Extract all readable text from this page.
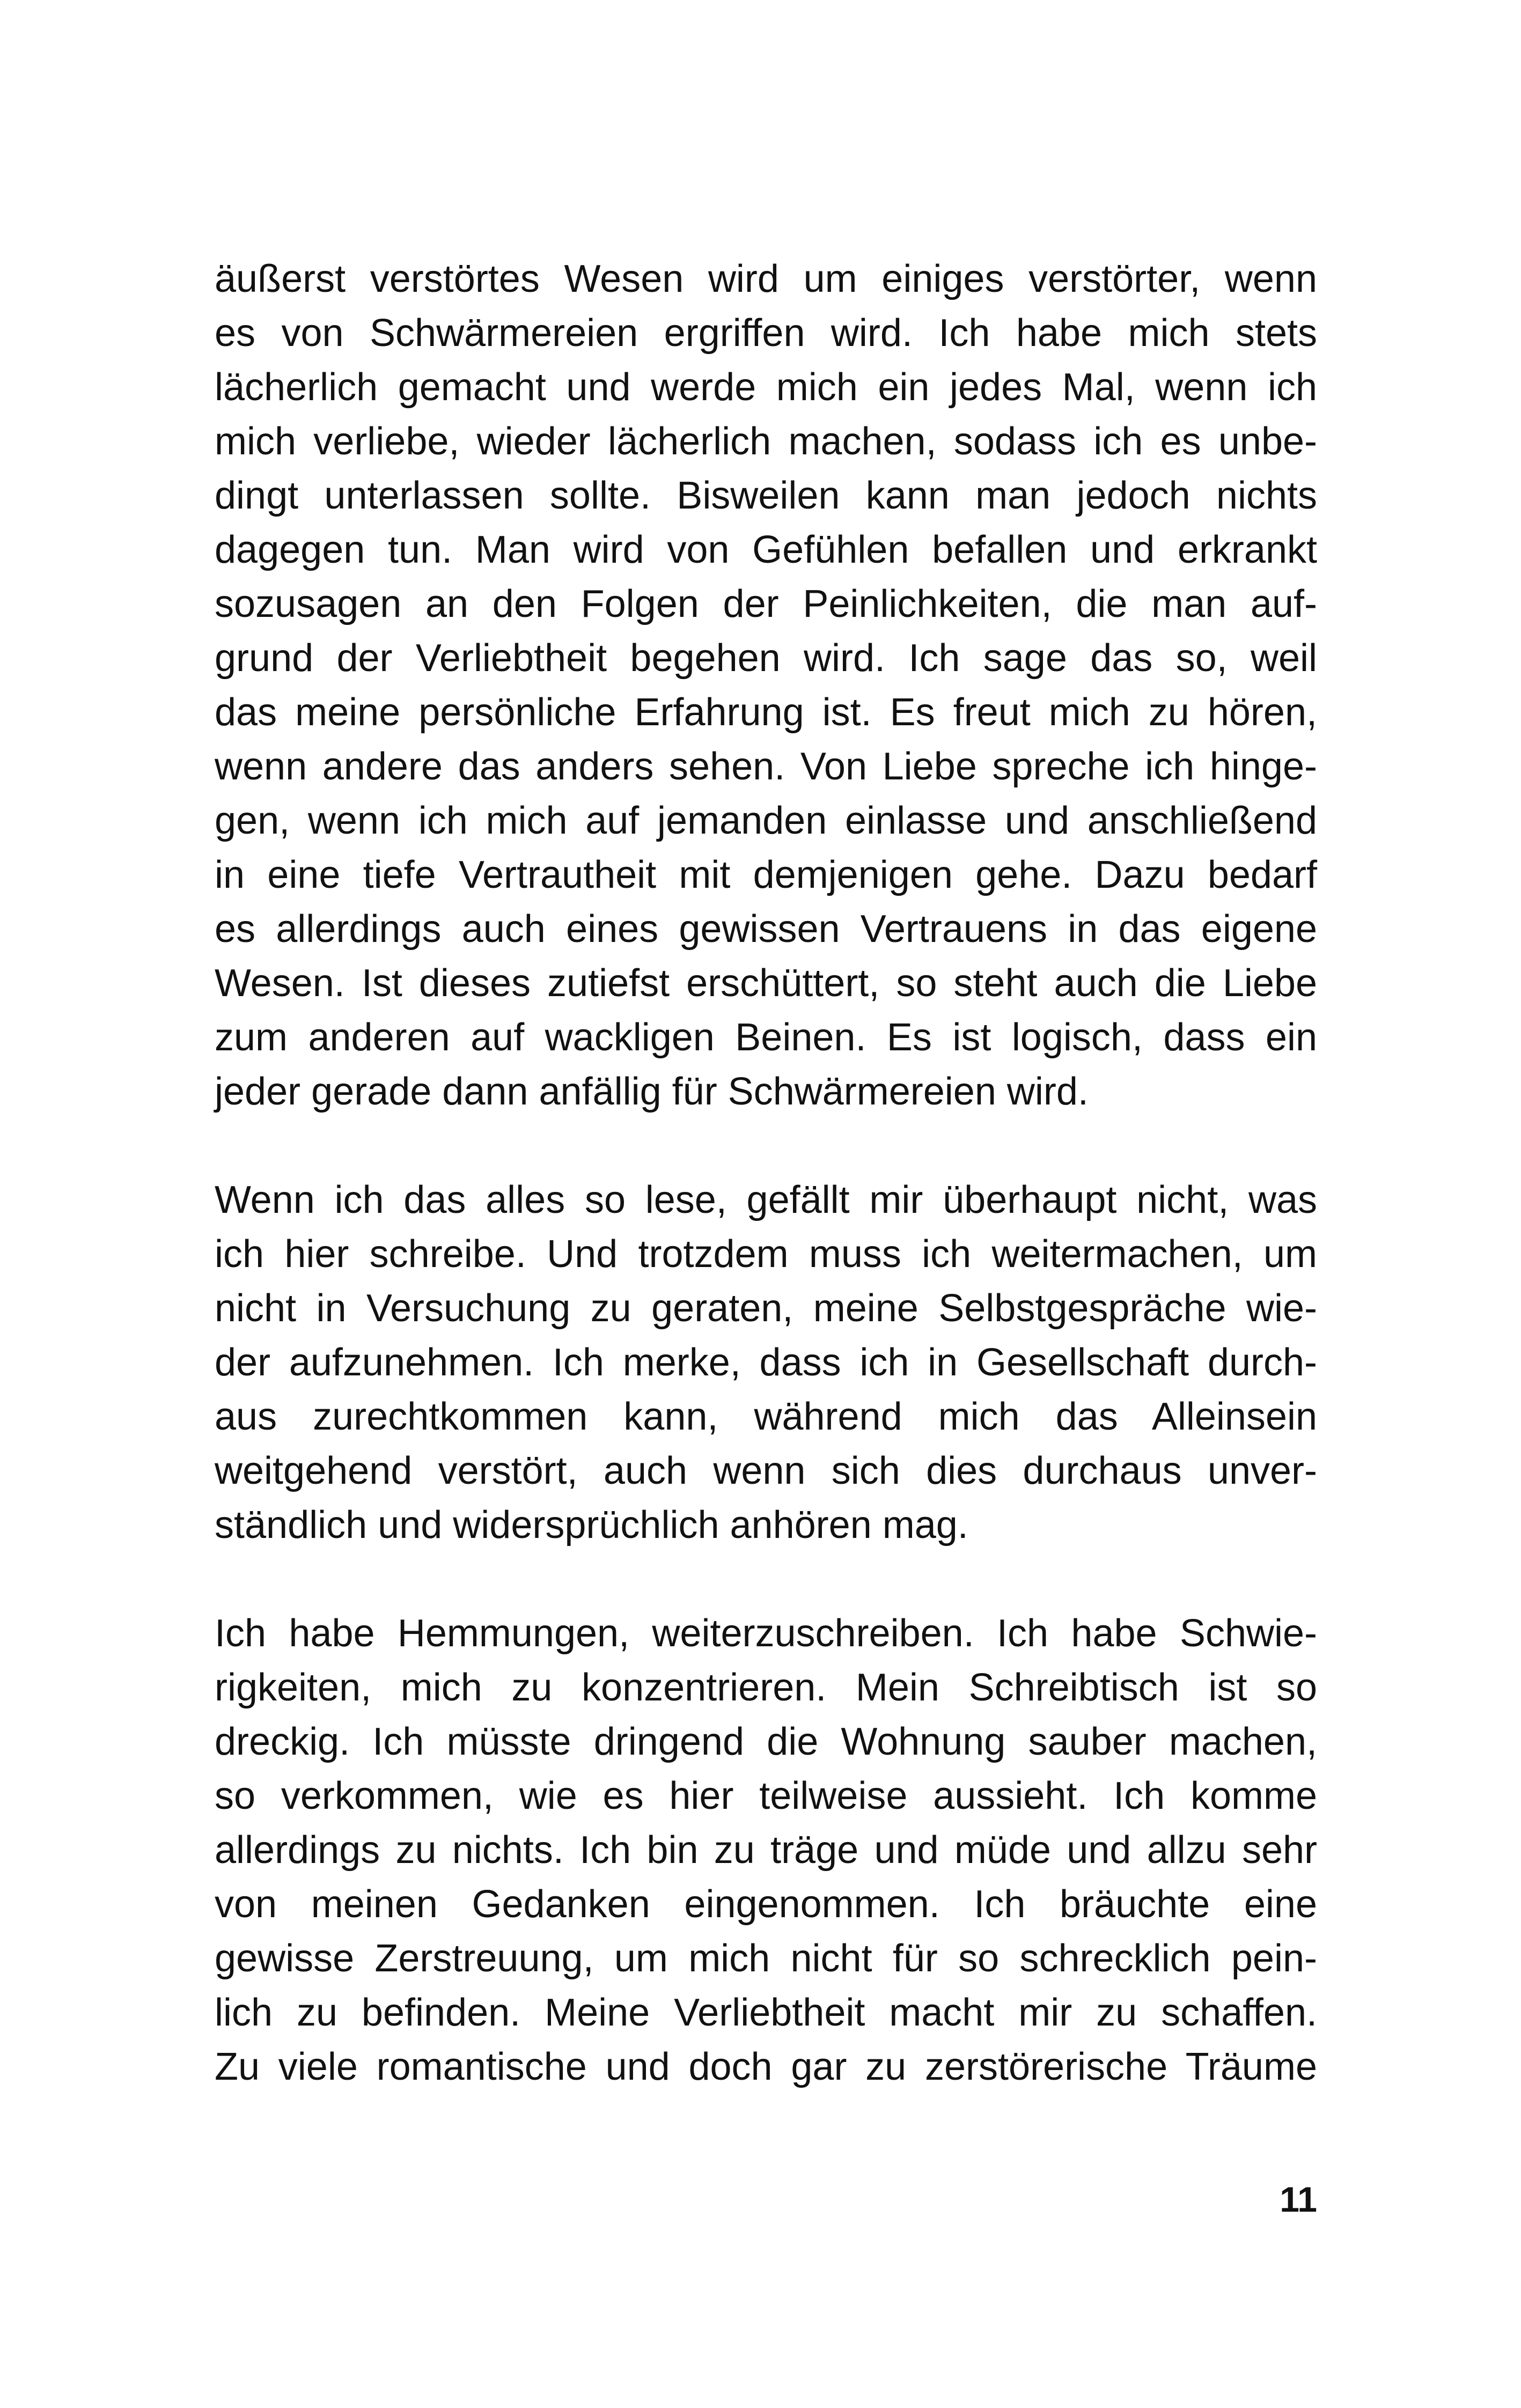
äußerst verstörtes Wesen wird um einiges verstörter, wenn
es von Schwärmereien ergriffen wird. Ich habe mich stets
lächerlich gemacht und werde mich ein jedes Mal, wenn ich
mich verliebe, wieder lächerlich machen, sodass ich es unbe-
dingt unterlassen sollte. Bisweilen kann man jedoch nichts
dagegen tun. Man wird von Gefühlen befallen und erkrankt
sozusagen an den Folgen der Peinlichkeiten, die man auf-
grund der Verliebtheit begehen wird. Ich sage das so, weil
das meine persönliche Erfahrung ist. Es freut mich zu hören,
wenn andere das anders sehen. Von Liebe spreche ich hinge-
gen, wenn ich mich auf jemanden einlasse und anschließend
in eine tiefe Vertrautheit mit demjenigen gehe. Dazu bedarf
es allerdings auch eines gewissen Vertrauens in das eigene
Wesen. Ist dieses zutiefst erschüttert, so steht auch die Liebe
zum anderen auf wackligen Beinen. Es ist logisch, dass ein
jeder gerade dann anfällig für Schwärmereien wird.
Wenn ich das alles so lese, gefällt mir überhaupt nicht, was
ich hier schreibe. Und trotzdem muss ich weitermachen, um
nicht in Versuchung zu geraten, meine Selbstgespräche wie-
der aufzunehmen. Ich merke, dass ich in Gesellschaft durch-
aus zurechtkommen kann, während mich das Alleinsein
weitgehend verstört, auch wenn sich dies durchaus unver-
ständlich und widersprüchlich anhören mag.
Ich habe Hemmungen, weiterzuschreiben. Ich habe Schwie-
rigkeiten, mich zu konzentrieren. Mein Schreibtisch ist so
dreckig. Ich müsste dringend die Wohnung sauber machen,
so verkommen, wie es hier teilweise aussieht. Ich komme
allerdings zu nichts. Ich bin zu träge und müde und allzu sehr
von meinen Gedanken eingenommen. Ich bräuchte eine
gewisse Zerstreuung, um mich nicht für so schrecklich pein-
lich zu befinden. Meine Verliebtheit macht mir zu schaffen.
Zu viele romantische und doch gar zu zerstörerische Träume
11
